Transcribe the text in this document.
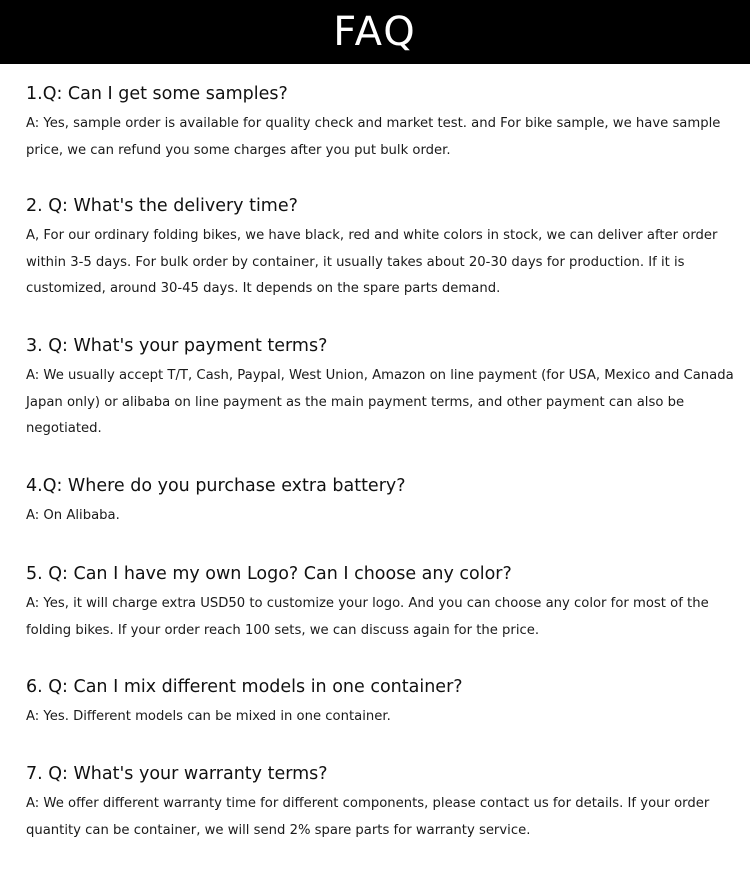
FAQ
1.Q: Can I get some samples?
A: Yes, sample order is available for quality check and market test. and For bike sample, we have sample price, we can refund you some charges after you put bulk order.
2. Q: What's the delivery time?
A, For our ordinary folding bikes, we have black, red and white colors in stock, we can deliver after order within 3-5 days. For bulk order by container, it usually takes about 20-30 days for production. If it is customized, around 30-45 days. It depends on the spare parts demand.
3. Q: What's your payment terms?
A: We usually accept T/T, Cash, Paypal, West Union, Amazon on line payment (for USA, Mexico and Canada Japan only) or alibaba on line payment as the main payment terms, and other payment can also be negotiated.
4.Q: Where do you purchase extra battery?
A: On Alibaba.
5. Q: Can I have my own Logo? Can I choose any color?
A: Yes, it will charge extra USD50 to customize your logo. And you can choose any color for most of the folding bikes. If your order reach 100 sets, we can discuss again for the price.
6. Q: Can I mix different models in one container?
A: Yes. Different models can be mixed in one container.
7. Q: What's your warranty terms?
A: We offer different warranty time for different components, please contact us for details. If your order quantity can be container, we will send 2% spare parts for warranty service.
